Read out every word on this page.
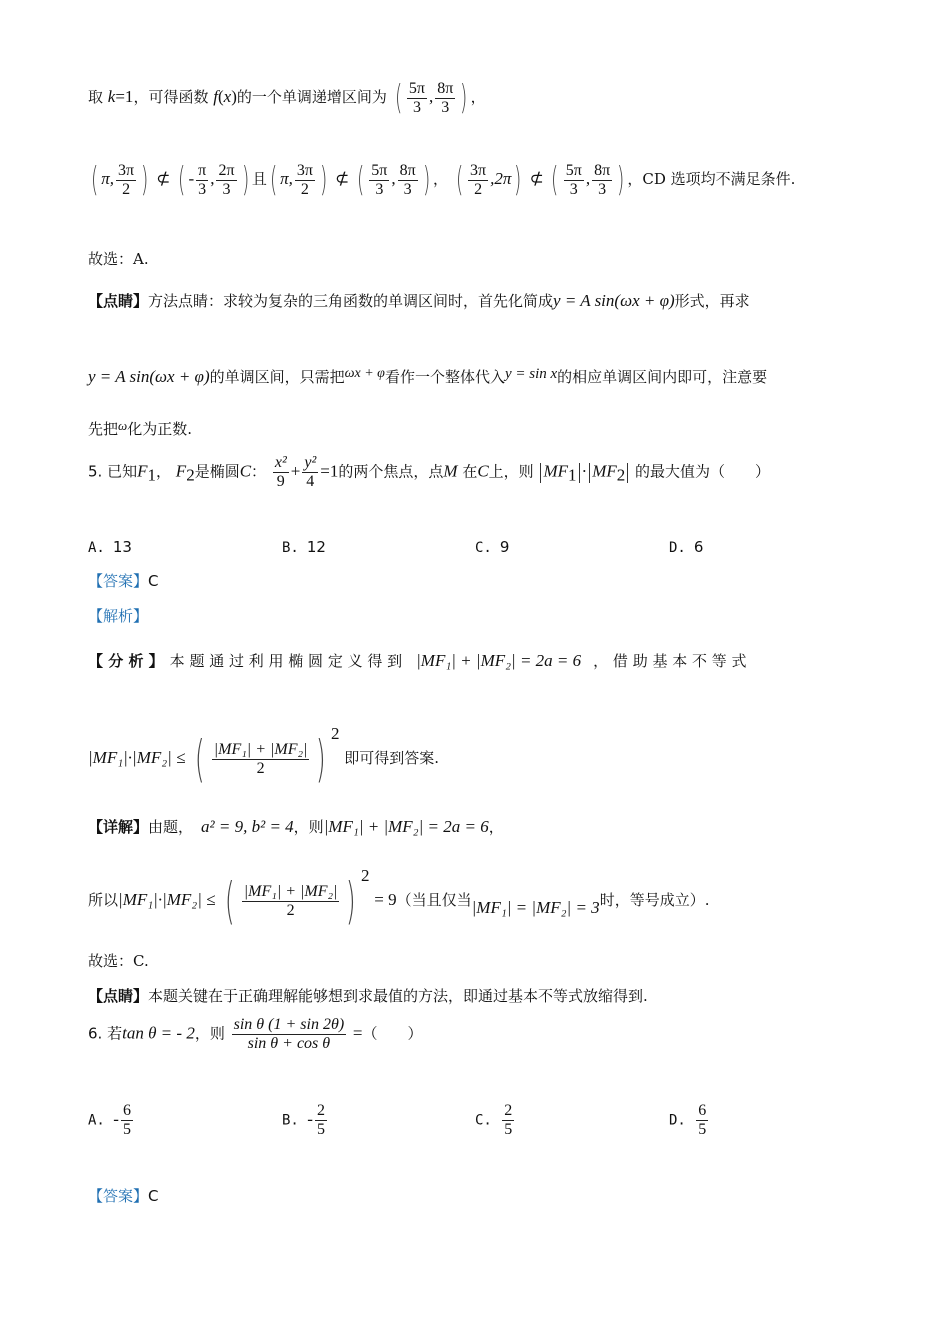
取 k=1，可得函数 f(x)的一个单调递增区间为 ( $\frac{5\pi}{3}$ , $\frac{8\pi}{3}$ ) ，
( π, $\frac{3\pi}{2}$ ) ⊄ ( - $\frac{\pi}{3}$ , $\frac{2\pi}{3}$ ) 且( π, $\frac{3\pi}{2}$ ) ⊄ ( $\frac{5\pi}{3}$ , $\frac{8\pi}{3}$ ) ， ( $\frac{3\pi}{2} ,2\pi$) ⊄ ( $\frac{5\pi}{3}$ , $\frac{8\pi}{3}$ ) ，CD 选项均不满足条件.
故选：A.
【点睛】方法点睛：求较为复杂的三角函数的单调区间时，首先化简成y = A sin(ωx + φ)形式，再求
y = A sin(ωx + φ)的单调区间，只需把ωx + φ看作一个整体代入y = sin x的相应单调区间内即可，注意要
先把ω化为正数.
5. 已知$F_1$， $F_2$是椭圆C： $\frac{\text{x²}}{9} + \frac{\text{y²}}{4} =1$的两个焦点，点M 在C上，则 $MF_1 \cdot MF_2$ 的最大值为（　　）
A. 13	B. 12	C. 9	D. 6
【答案】C
【解析】
【 分 析 】 本 题 通 过 利 用 椭 圆 定 义 得 到 |MF₁| + |MF₂| = 2a = 6 ， 借 助 基 本 不 等 式
|MF₁|·|MF₂| ≤ ( $\frac{\text{|MF₁| + |MF₂|}}{2}$ ) $^2$ 即可得到答案.
【详解】由题， a² = 9, b² = 4，则|MF₁| + |MF₂| = 2a = 6，
所以|MF₁|·|MF₂| ≤ ( $\frac{\text{|MF₁| + |MF₂|}}{2}$ ) $^2$ = 9（当且仅当|MF₁| = |MF₂| = 3时，等号成立）.
故选：C.
【点睛】本题关键在于正确理解能够想到求最值的方法，即通过基本不等式放缩得到.
6. 若tan θ = - 2，则 $\frac{\text{sin θ (1 + sin 2θ)}}{\text{sin θ + cos θ}}$ =（　　）
A. - $\frac{6}{5}$	B. - $\frac{2}{5}$	C. $\frac{2}{5}$	D. $\frac{6}{5}$
【答案】C
